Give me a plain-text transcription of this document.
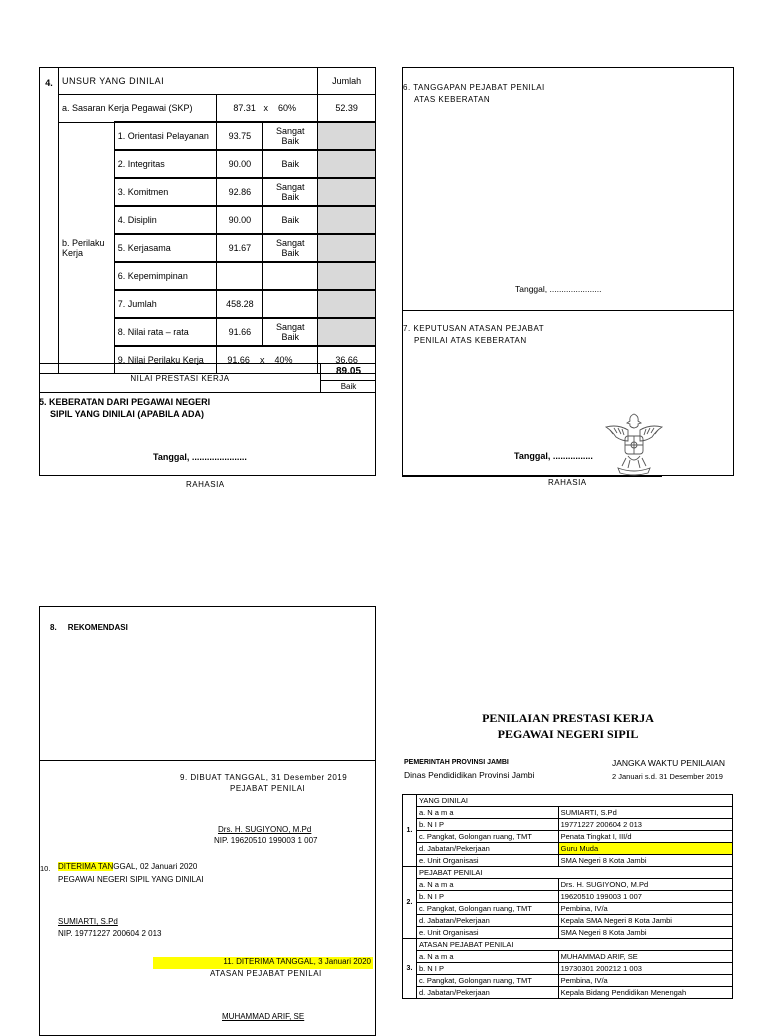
4.	UNSUR YANG DINILAI				Jumlah
	a. Sasaran Kerja Pegawai (SKP)		87.31 x 60%		52.39
	b. Perilaku Kerja	1. Orientasi Pelayanan	93.75	Sangat Baik	
		2. Integritas	90.00	Baik	
		3. Komitmen	92.86	Sangat Baik	
		4. Disiplin	90.00	Baik	
		5. Kerjasama	91.67	Sangat Baik	
		6. Kepemimpinan			
		7. Jumlah	458.28		
		8. Nilai rata – rata	91.66	Sangat Baik	
		9. Nilai Perilaku Kerja	91.66 x 40%		36.66
NILAI PRESTASI KERJA
89.05
Baik
5. KEBERATAN DARI PEGAWAI NEGERI
SIPIL YANG DINILAI (APABILA ADA)
Tanggal, ......................
RAHASIA
6. TANGGAPAN PEJABAT PENILAI
ATAS KEBERATAN
Tanggal, ......................
7. KEPUTUSAN ATASAN PEJABAT
PENILAI ATAS KEBERATAN
Tanggal, ................
RAHASIA
8.     REKOMENDASI
9. DIBUAT TANGGAL, 31 Desember 2019
PEJABAT PENILAI
Drs. H. SUGIYONO, M.Pd
NIP. 19620510 199003 1 007
10. DITERIMA TANGGAL, 02 Januari 2020
PEGAWAI NEGERI SIPIL YANG DINILAI
SUMIARTI, S.Pd
NIP. 19771227 200604 2 013
11. DITERIMA TANGGAL, 3 Januari 2020
ATASAN PEJABAT PENILAI
MUHAMMAD ARIF, SE
PENILAIAN PRESTASI KERJA
PEGAWAI NEGERI SIPIL
PEMERINTAH PROVINSI JAMBI
Dinas Pendididikan Provinsi Jambi
JANGKA WAKTU PENILAIAN
2 Januari s.d. 31 Desember 2019
1.	YANG DINILAI	
	a. N a m a	SUMIARTI, S.Pd
	b. N I P	19771227 200604 2 013
	c. Pangkat, Golongan ruang, TMT	Penata Tingkat I, III/d
	d. Jabatan/Pekerjaan	Guru Muda
	e. Unit Organisasi	SMA Negeri 8 Kota Jambi
2.	PEJABAT PENILAI	
	a. N a m a	Drs. H. SUGIYONO, M.Pd
	b. N I P	19620510 199003 1 007
	c. Pangkat, Golongan ruang, TMT	Pembina, IV/a
	d. Jabatan/Pekerjaan	Kepala SMA Negeri 8 Kota Jambi
	e. Unit Organisasi	SMA Negeri 8 Kota Jambi
3.	ATASAN PEJABAT PENILAI	
	a. N a m a	MUHAMMAD ARIF, SE
	b. N I P	19730301 200212 1 003
	c. Pangkat, Golongan ruang, TMT	Pembina, IV/a
	d. Jabatan/Pekerjaan	Kepala Bidang Pendidikan Menengah
